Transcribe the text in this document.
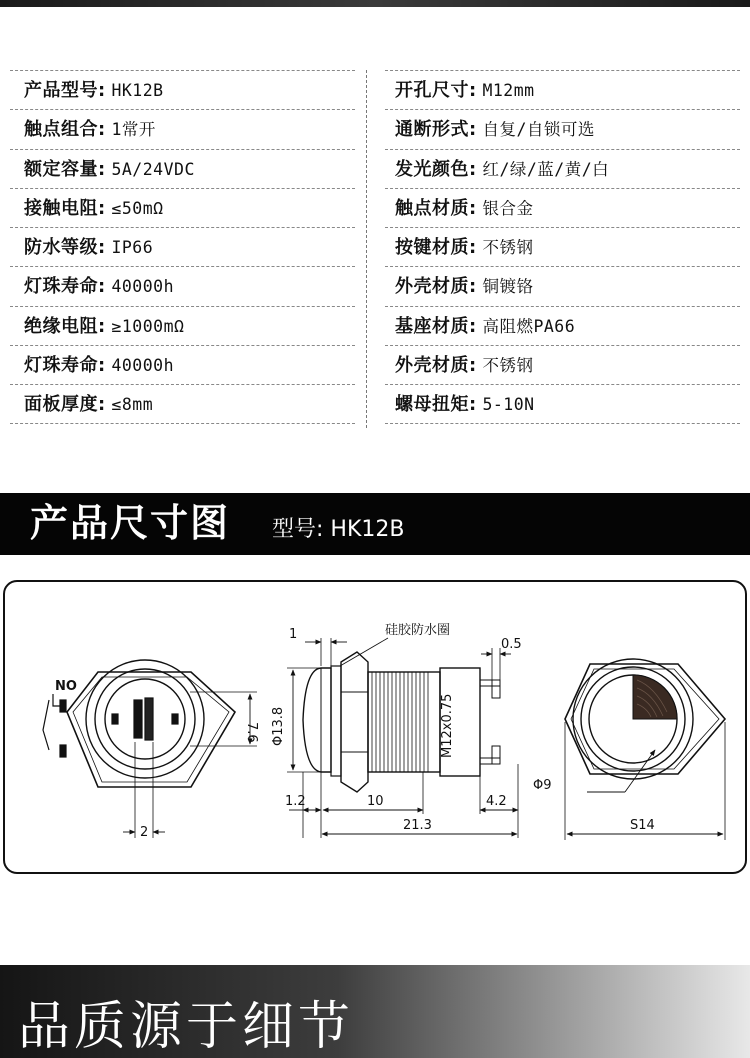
产品型号: HK12B
触点组合: 1常开
额定容量: 5A/24VDC
接触电阻: ≤50mΩ
防水等级: IP66
灯珠寿命: 40000h
绝缘电阻: ≥1000mΩ
灯珠寿命: 40000h
面板厚度: ≤8mm
开孔尺寸: M12mm
通断形式: 自复/自锁可选
发光颜色: 红/绿/蓝/黄/白
触点材质: 银合金
按键材质: 不锈钢
外壳材质: 铜镀铬
基座材质: 高阻燃PA66
外壳材质: 不锈钢
螺母扭矩: 5-10N
产品尺寸图 型号: HK12B
NO
7.6
2
M12x0.75
1	硅胶防水圈
Φ13.8
0.5
1.2	10	4.2
21.3
Φ9
S14
品质源于细节
